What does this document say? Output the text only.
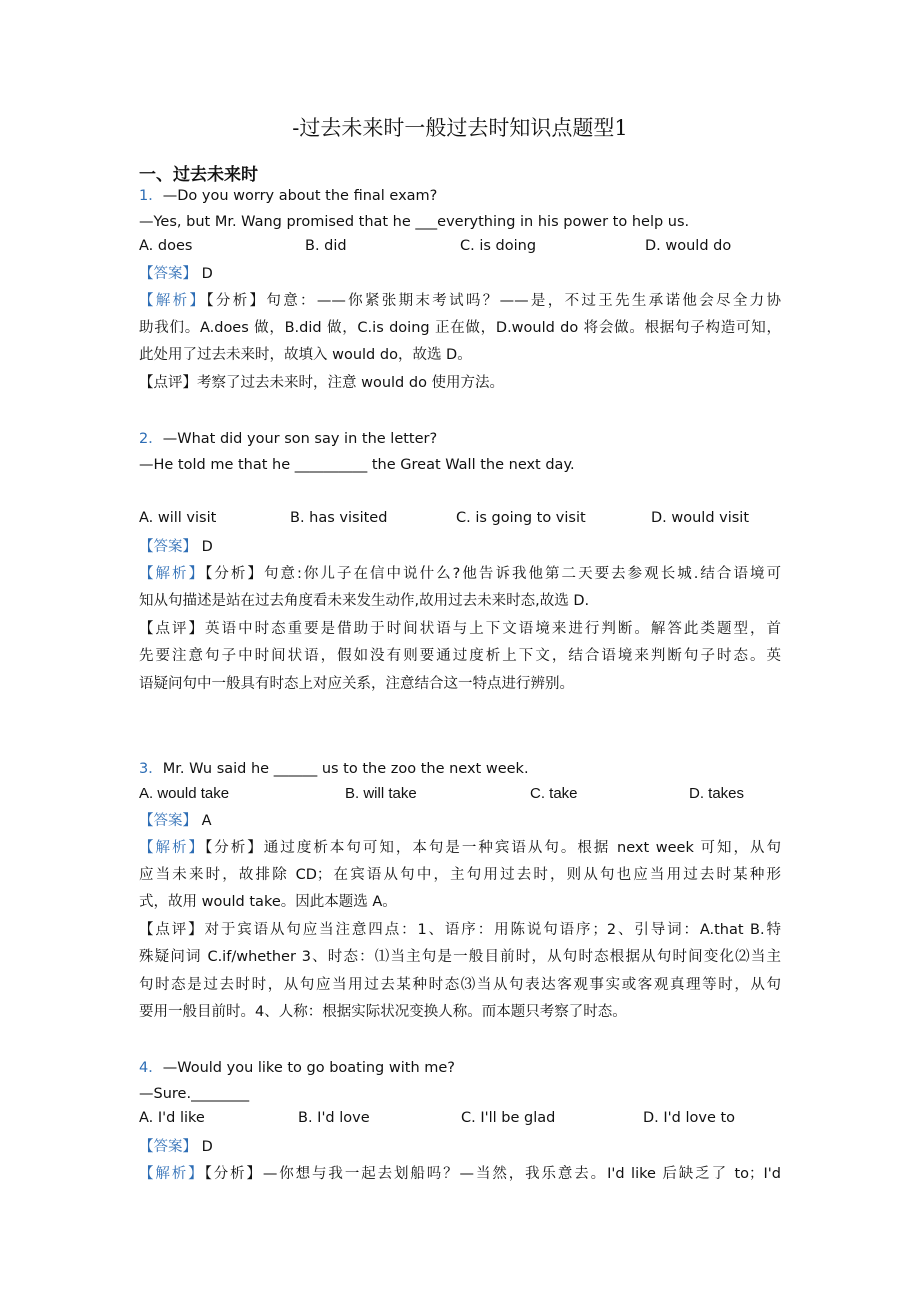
-过去未来时一般过去时知识点题型1
一、过去未来时
1．—Do you worry about the final exam?
—Yes, but Mr. Wang promised that he ___everything in his power to help us.
A. does	B. did	C. is doing	D. would do
【答案】 D
【解析】【分析】句意：——你紧张期末考试吗？——是，不过王先生承诺他会尽全力协
助我们。A.does 做，B.did 做，C.is doing 正在做，D.would do 将会做。根据句子构造可知，
此处用了过去未来时，故填入 would do，故选 D。
【点评】考察了过去未来时，注意 would do 使用方法。
2．—What did your son say in the letter?
—He told me that he __________ the Great Wall the next day.
A. will visit	B. has visited	C. is going to visit	D. would visit
【答案】 D
【解析】【分析】句意:你儿子在信中说什么?他告诉我他第二天要去参观长城.结合语境可
知从句描述是站在过去角度看未来发生动作,故用过去未来时态,故选 D.
【点评】英语中时态重要是借助于时间状语与上下文语境来进行判断。解答此类题型，首
先要注意句子中时间状语，假如没有则要通过度析上下文，结合语境来判断句子时态。英
语疑问句中一般具有时态上对应关系，注意结合这一特点进行辨别。
3．Mr. Wu said he ______ us to the zoo the next week.
A. would take	B. will take	C. take	D. takes
【答案】 A
【解析】【分析】通过度析本句可知，本句是一种宾语从句。根据 next week 可知，从句
应当未来时，故排除 CD；在宾语从句中，主句用过去时，则从句也应当用过去时某种形
式，故用 would take。因此本题选 A。
【点评】对于宾语从句应当注意四点：1、语序：用陈说句语序；2、引导词：A.that B.特
殊疑问词 C.if/whether 3、时态：⑴当主句是一般目前时，从句时态根据从句时间变化⑵当主
句时态是过去时时，从句应当用过去某种时态⑶当从句表达客观事实或客观真理等时，从句
要用一般目前时。4、人称：根据实际状况变换人称。而本题只考察了时态。
4．—Would you like to go boating with me?
—Sure.________
A. I'd like	B. I'd love	C. I'll be glad	D. I'd love to
【答案】 D
【解析】【分析】—你想与我一起去划船吗？—当然，我乐意去。I'd like 后缺乏了 to；I'd
